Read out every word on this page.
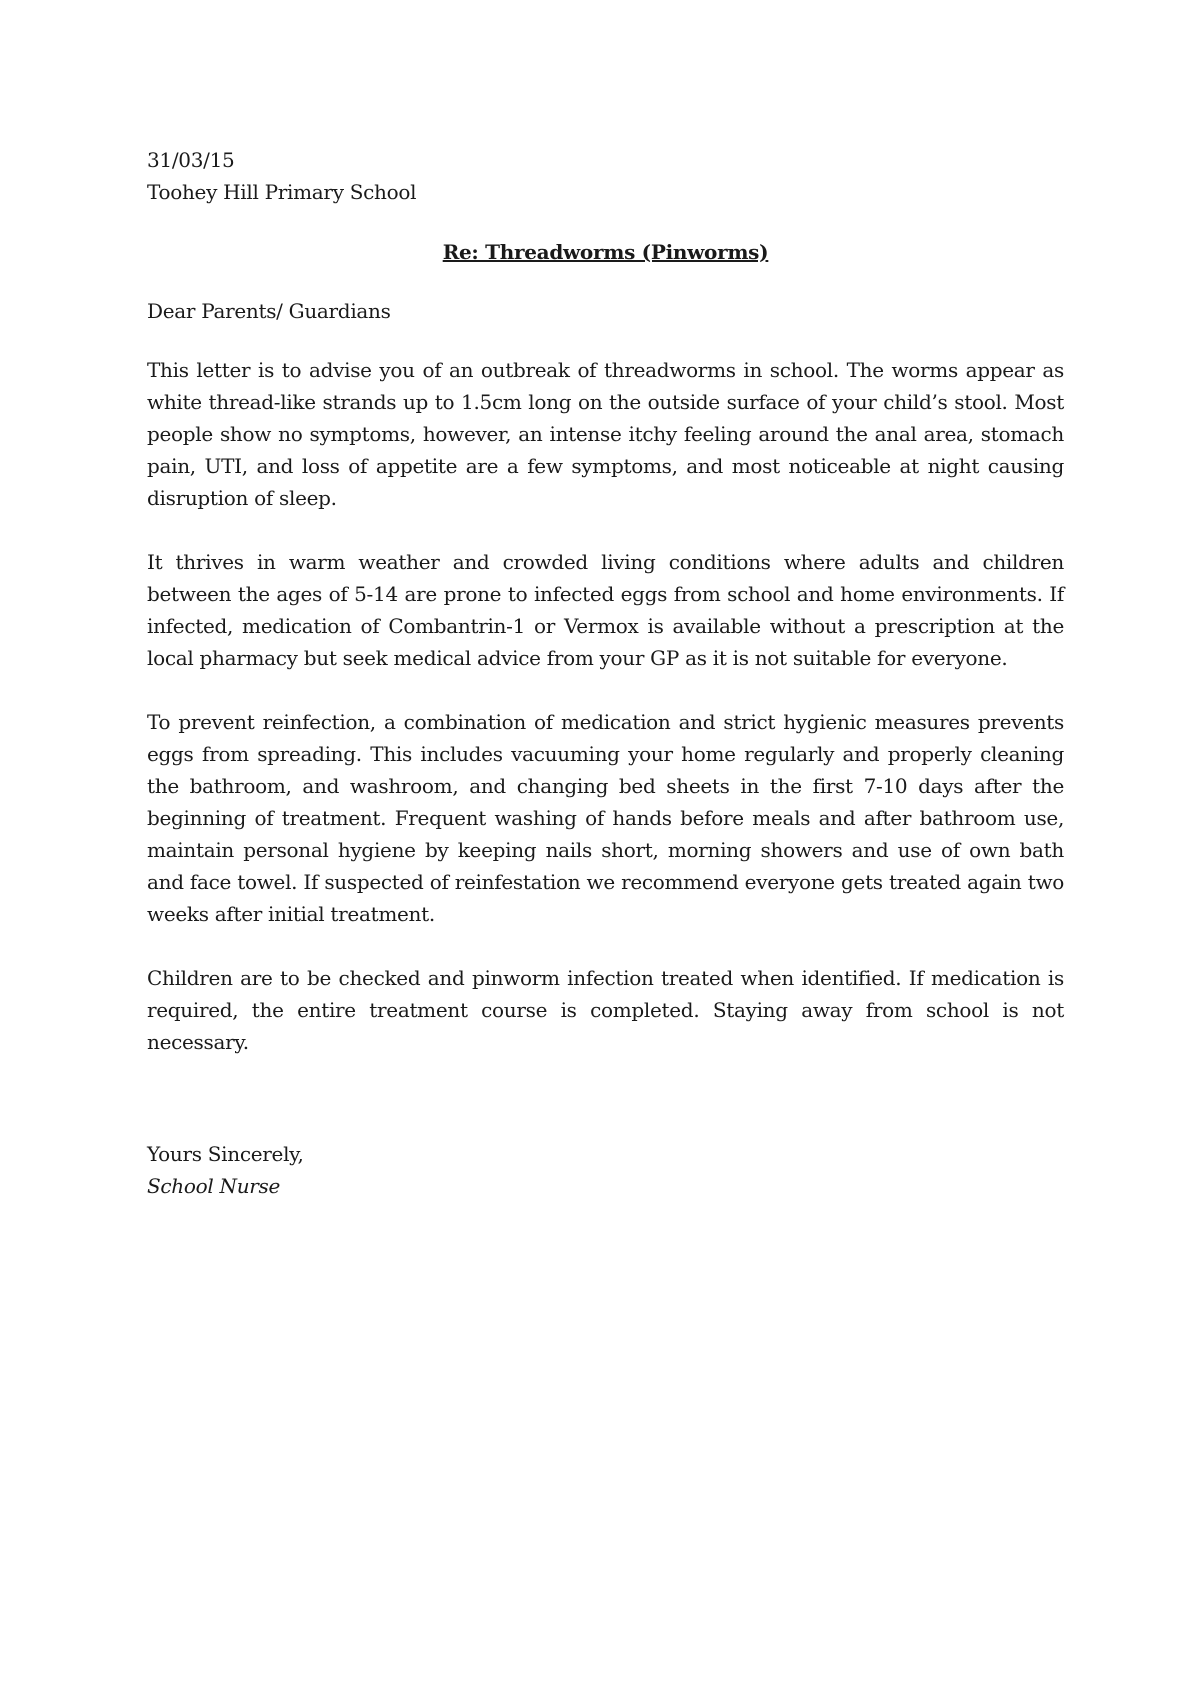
31/03/15
Toohey Hill Primary School
Re: Threadworms (Pinworms)
Dear Parents/ Guardians

This letter is to advise you of an outbreak of threadworms in school. The worms appear as white thread-like strands up to 1.5cm long on the outside surface of your child’s stool. Most people show no symptoms, however, an intense itchy feeling around the anal area, stomach pain, UTI, and loss of appetite are a few symptoms, and most noticeable at night causing disruption of sleep.

It thrives in warm weather and crowded living conditions where adults and children between the ages of 5-14 are prone to infected eggs from school and home environments. If infected, medication of Combantrin-1 or Vermox is available without a prescription at the local pharmacy but seek medical advice from your GP as it is not suitable for everyone.

To prevent reinfection, a combination of medication and strict hygienic measures prevents eggs from spreading. This includes vacuuming your home regularly and properly cleaning the bathroom, and washroom, and changing bed sheets in the first 7-10 days after the beginning of treatment. Frequent washing of hands before meals and after bathroom use, maintain personal hygiene by keeping nails short, morning showers and use of own bath and face towel. If suspected of reinfestation we recommend everyone gets treated again two weeks after initial treatment.

Children are to be checked and pinworm infection treated when identified. If medication is required, the entire treatment course is completed. Staying away from school is not necessary.

Yours Sincerely,
School Nurse
